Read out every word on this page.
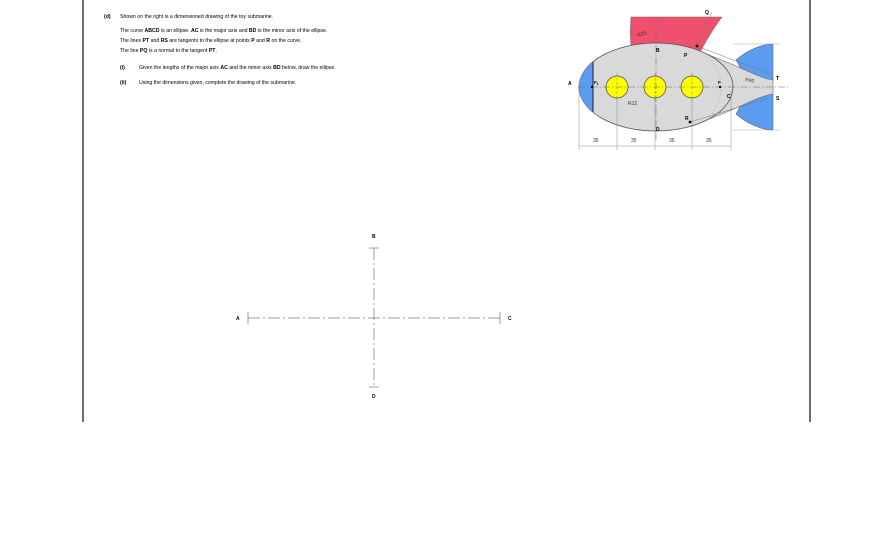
(d) Shown on the right is a dimensioned drawing of the toy submarine.
The curve ABCD is an ellipse. AC is the major axis and BD is the minor axis of the ellipse.
The lines PT and RS are tangents to the ellipse at points P and R on the curve.
The line PQ is a normal to the tangent PT.
(i)	Given the lengths of the major axis AC and the minor axis BD below, draw the ellipse.
(ii) Using the dimensions given, complete the drawing of the submarine.	A
B
C
D
P
Q
R
S
T
$F_1$	F
R25
R40
R12
35	35	35	35
A
B
C
D
